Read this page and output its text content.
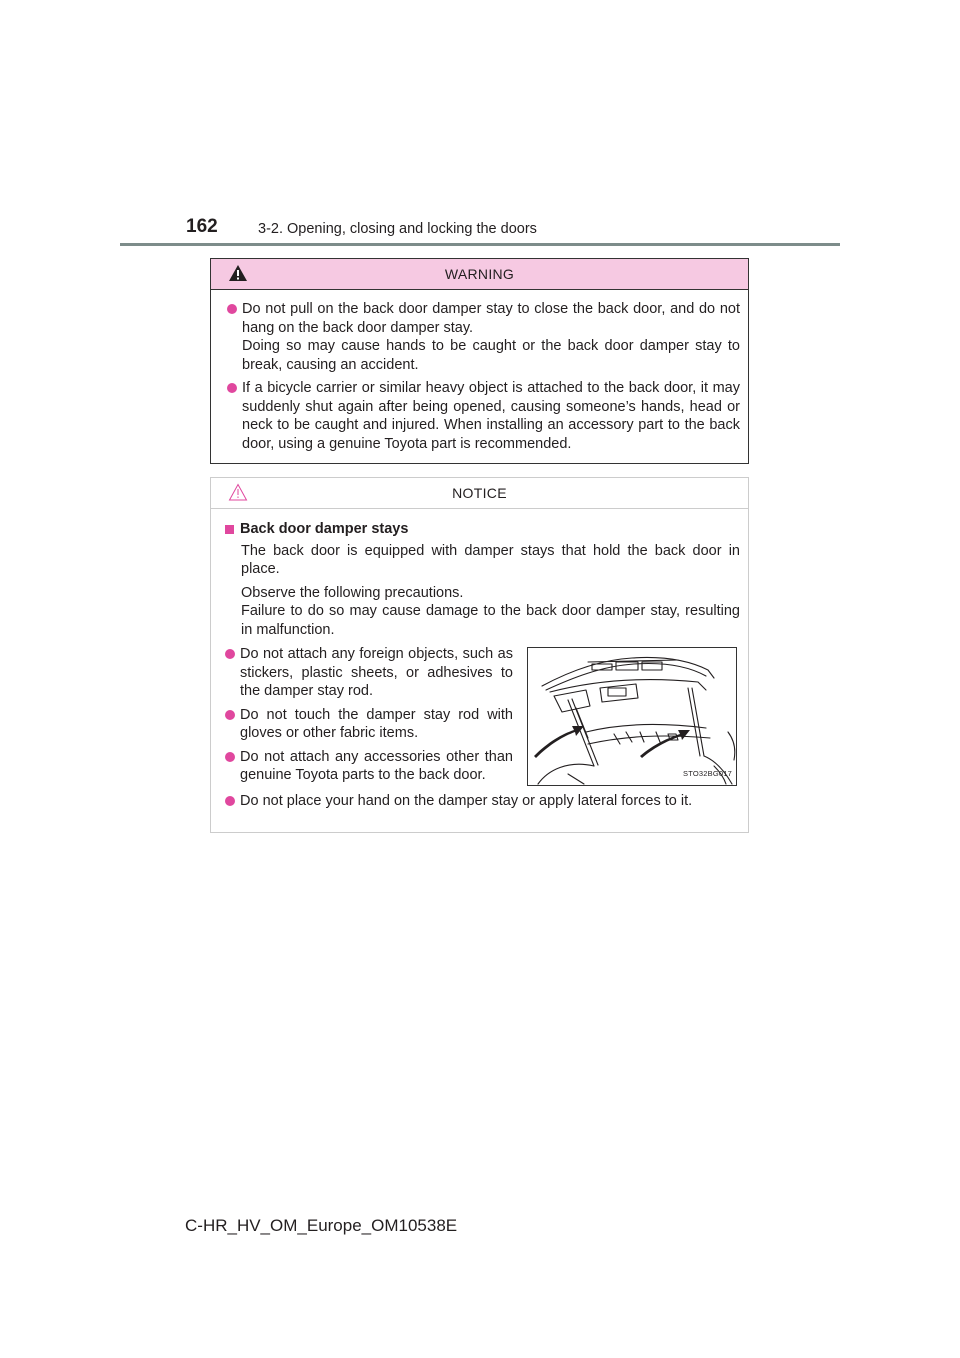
162	3-2. Opening, closing and locking the doors
WARNING
Do not pull on the back door damper stay to close the back door, and do not hang on the back door damper stay.
Doing so may cause hands to be caught or the back door damper stay to break, causing an accident.
If a bicycle carrier or similar heavy object is attached to the back door, it may suddenly shut again after being opened, causing someone’s hands, head or neck to be caught and injured. When installing an accessory part to the back door, using a genuine Toyota part is recommended.
NOTICE
Back door damper stays
The back door is equipped with damper stays that hold the back door in place.
Observe the following precautions.
Failure to do so may cause damage to the back door damper stay, resulting in malfunction.
Do not attach any foreign objects, such as stickers, plastic sheets, or adhesives to the damper stay rod.
Do not touch the damper stay rod with gloves or other fabric items.
Do not attach any accessories other than genuine Toyota parts to the back door.	STO32BG017
Do not place your hand on the damper stay or apply lateral forces to it.
C-HR_HV_OM_Europe_OM10538E
